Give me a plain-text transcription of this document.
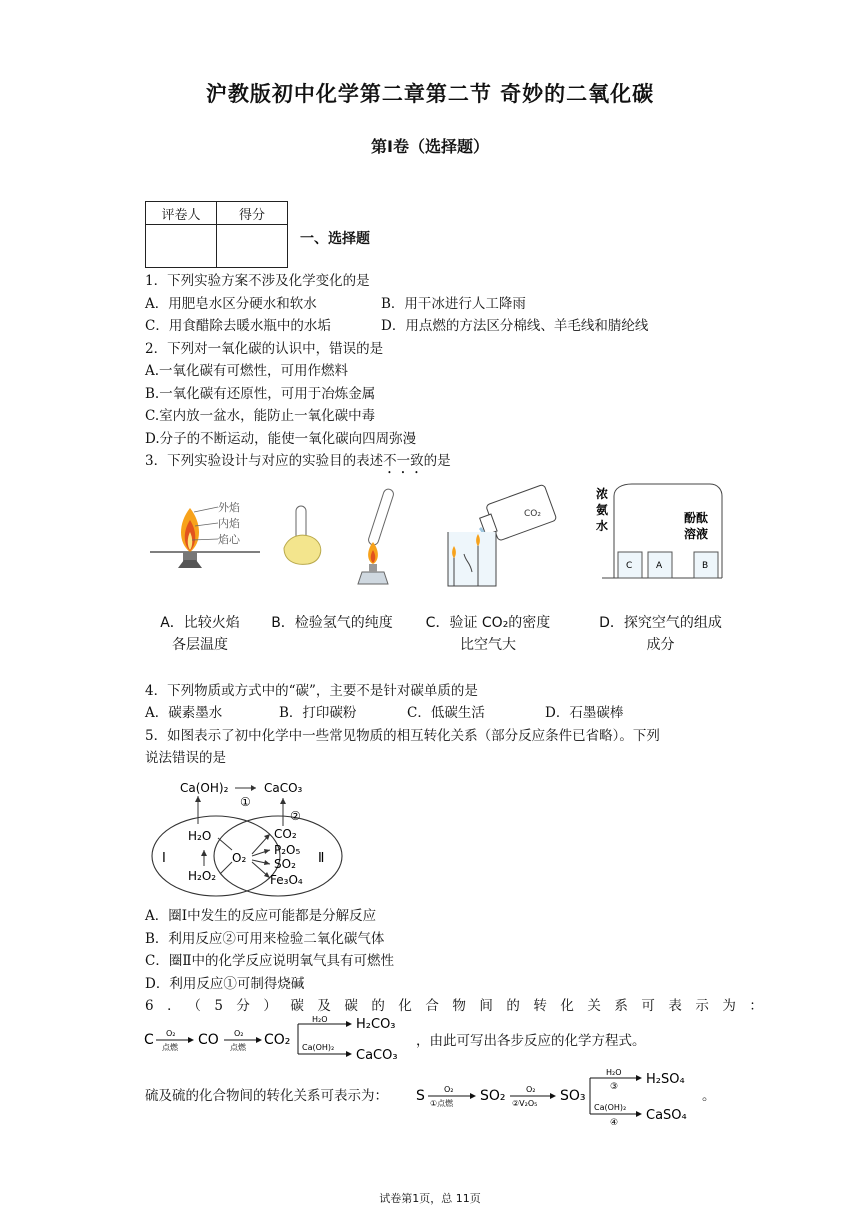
沪教版初中化学第二章第二节 奇妙的二氧化碳
第Ⅰ卷（选择题）
评卷人	得分

一、选择题
1．下列实验方案不涉及化学变化的是
A．用肥皂水区分硬水和软水	B．用干冰进行人工降雨
C．用食醋除去暖水瓶中的水垢	D．用点燃的方法区分棉线、羊毛线和腈纶线
2．下列对一氧化碳的认识中，错误的是
A.一氧化碳有可燃性，可用作燃料
B.一氧化碳有还原性，可用于冶炼金属
C.室内放一盆水，能防止一氧化碳中毒
D.分子的不断运动，能使一氧化碳向四周弥漫
3．下列实验设计与对应的实验目的表述不一致的是
外焰
内焰
焰心
CO₂
浓
氨
水
酚酞
溶液
C	A	B
A．比较火焰
各层温度
B．检验氢气的纯度	C．验证 CO₂的密度
比空气大
D．探究空气的组成
成分
4．下列物质或方式中的“碳”，主要不是针对碳单质的是
A．碳素墨水	B．打印碳粉	C．低碳生活	D．石墨碳棒
5．如图表示了初中化学中一些常见物质的相互转化关系（部分反应条件已省略）。下列
说法错误的是
Ca(OH)₂	CaCO₃
①
②
H₂O
H₂O₂
O₂
CO₂
P₂O₅
SO₂
Fe₃O₄
Ⅰ	Ⅱ
A．圈Ⅰ中发生的反应可能都是分解反应
B．利用反应②可用来检验二氧化碳气体
C．圈Ⅱ中的化学反应说明氧气具有可燃性
D．利用反应①可制得烧碱
6．（5分）碳及碳的化合物间的转化关系可表示为：
C O₂
点燃 CO O₂
点燃 CO₂
H₂O
Ca(OH)₂
H₂CO₃
CaCO₃
，由此可写出各步反应的化学方程式。
硫及硫的化合物间的转化关系可表示为： S O₂
①点燃 SO₂	O₂
②V₂O₅ SO₃
H₂O
③
Ca(OH)₂
④
H₂SO₄
CaSO₄
。
试卷第1页，总 11页
